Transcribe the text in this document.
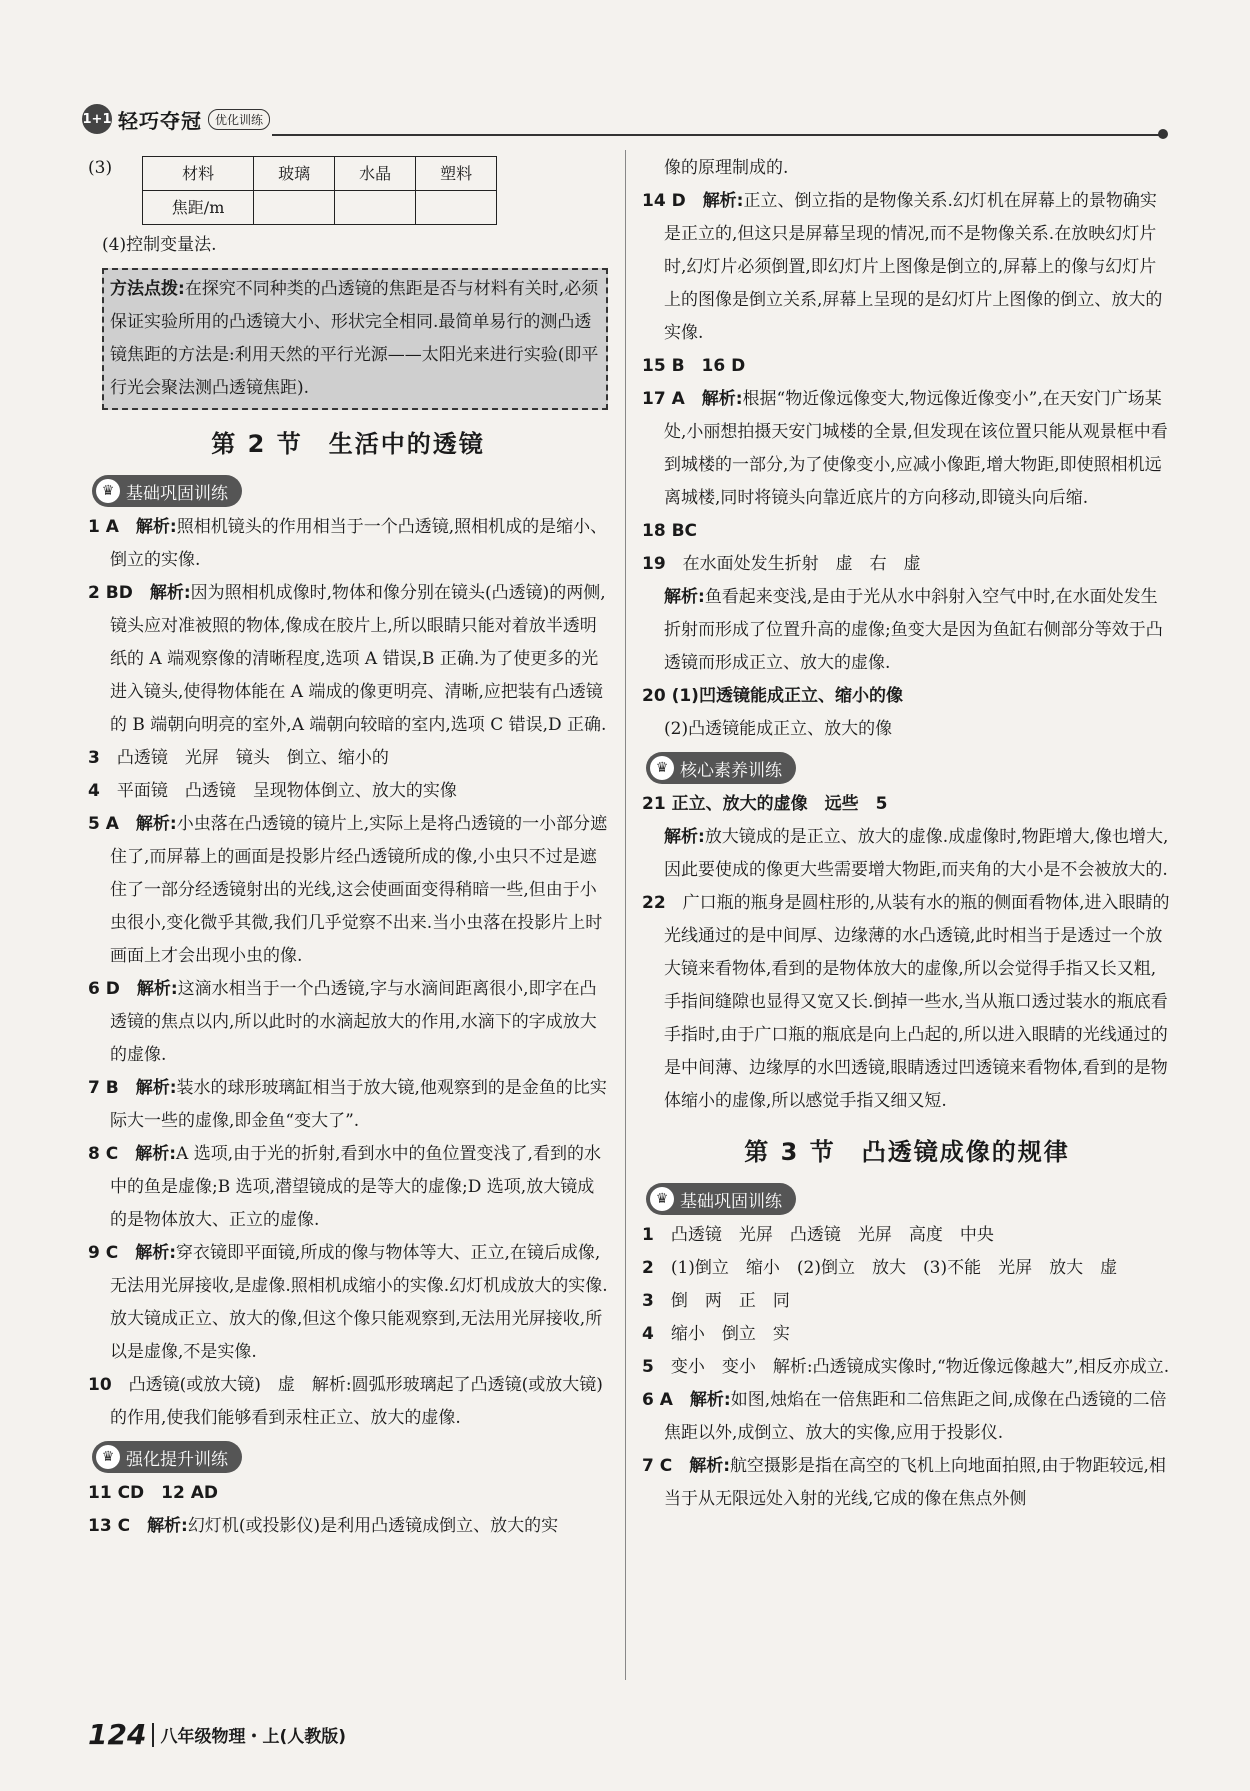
1+1 轻巧夺冠	优化训练
(3)	材料	玻璃	水晶	塑料
焦距/m			

(4)控制变量法.

方法点拨:在探究不同种类的凸透镜的焦距是否与材料有关时,必须保证实验所用的凸透镜大小、形状完全相同.最简单易行的测凸透镜焦距的方法是:利用天然的平行光源——太阳光来进行实验(即平行光会聚法测凸透镜焦距).
第 2 节　生活中的透镜
♛ 基础巩固训练

1 A　 解析:照相机镜头的作用相当于一个凸透镜,照相机成的是缩小、倒立的实像.

2 BD　 解析:因为照相机成像时,物体和像分别在镜头(凸透镜)的两侧,镜头应对准被照的物体,像成在胶片上,所以眼睛只能对着放半透明纸的 A 端观察像的清晰程度,选项 A 错误,B 正确.为了使更多的光进入镜头,使得物体能在 A 端成的像更明亮、清晰,应把装有凸透镜的 B 端朝向明亮的室外,A 端朝向较暗的室内,选项 C 错误,D 正确.

3　 凸透镜　光屏　镜头　倒立、缩小的

4　 平面镜　凸透镜　呈现物体倒立、放大的实像

5 A　 解析:小虫落在凸透镜的镜片上,实际上是将凸透镜的一小部分遮住了,而屏幕上的画面是投影片经凸透镜所成的像,小虫只不过是遮住了一部分经透镜射出的光线,这会使画面变得稍暗一些,但由于小虫很小,变化微乎其微,我们几乎觉察不出来.当小虫落在投影片上时画面上才会出现小虫的像.

6 D　 解析:这滴水相当于一个凸透镜,字与水滴间距离很小,即字在凸透镜的焦点以内,所以此时的水滴起放大的作用,水滴下的字成放大的虚像.

7 B　 解析:装水的球形玻璃缸相当于放大镜,他观察到的是金鱼的比实际大一些的虚像,即金鱼“变大了”.

8 C　 解析:A 选项,由于光的折射,看到水中的鱼位置变浅了,看到的水中的鱼是虚像;B 选项,潜望镜成的是等大的虚像;D 选项,放大镜成的是物体放大、正立的虚像.

9 C　 解析:穿衣镜即平面镜,所成的像与物体等大、正立,在镜后成像,无法用光屏接收,是虚像.照相机成缩小的实像.幻灯机成放大的实像.放大镜成正立、放大的像,但这个像只能观察到,无法用光屏接收,所以是虚像,不是实像.

10　 凸透镜(或放大镜)　虚　解析:圆弧形玻璃起了凸透镜(或放大镜)的作用,使我们能够看到汞柱正立、放大的虚像.

♛ 强化提升训练

11 CD　12 AD

13 C　 解析:幻灯机(或投影仪)是利用凸透镜成倒立、放大的实

像的原理制成的.

14 D　 解析:正立、倒立指的是物像关系.幻灯机在屏幕上的景物确实是正立的,但这只是屏幕呈现的情况,而不是物像关系.在放映幻灯片时,幻灯片必须倒置,即幻灯片上图像是倒立的,屏幕上的像与幻灯片上的图像是倒立关系,屏幕上呈现的是幻灯片上图像的倒立、放大的实像.

15 B　16 D　

17 A　 解析:根据“物近像远像变大,物远像近像变小”,在天安门广场某处,小丽想拍摄天安门城楼的全景,但发现在该位置只能从观景框中看到城楼的一部分,为了使像变小,应减小像距,增大物距,即使照相机远离城楼,同时将镜头向靠近底片的方向移动,即镜头向后缩.

18 BC　

19　 在水面处发生折射　虚　右　虚

解析:鱼看起来变浅,是由于光从水中斜射入空气中时,在水面处发生折射而形成了位置升高的虚像;鱼变大是因为鱼缸右侧部分等效于凸透镜而形成正立、放大的虚像.

20 (1)凹透镜能成正立、缩小的像

(2)凸透镜能成正立、放大的像

♛ 核心素养训练

21 正立、放大的虚像　远些　5

解析:放大镜成的是正立、放大的虚像.成虚像时,物距增大,像也增大,因此要使成的像更大些需要增大物距,而夹角的大小是不会被放大的.

22　 广口瓶的瓶身是圆柱形的,从装有水的瓶的侧面看物体,进入眼睛的光线通过的是中间厚、边缘薄的水凸透镜,此时相当于是透过一个放大镜来看物体,看到的是物体放大的虚像,所以会觉得手指又长又粗,手指间缝隙也显得又宽又长.倒掉一些水,当从瓶口透过装水的瓶底看手指时,由于广口瓶的瓶底是向上凸起的,所以进入眼睛的光线通过的是中间薄、边缘厚的水凹透镜,眼睛透过凹透镜来看物体,看到的是物体缩小的虚像,所以感觉手指又细又短.

第 3 节　凸透镜成像的规律
♛ 基础巩固训练

1　 凸透镜　光屏　凸透镜　光屏　高度　中央

2　 (1)倒立　缩小　(2)倒立　放大　(3)不能　光屏　放大　虚

3　 倒　两　正　同

4　 缩小　倒立　实

5　 变小　变小　解析:凸透镜成实像时,“物近像远像越大”,相反亦成立.

6 A　 解析:如图,烛焰在一倍焦距和二倍焦距之间,成像在凸透镜的二倍焦距以外,成倒立、放大的实像,应用于投影仪.

7 C　 解析:航空摄影是指在高空的飞机上向地面拍照,由于物距较远,相当于从无限远处入射的光线,它成的像在焦点外侧

124 八年级物理・上(人教版)
